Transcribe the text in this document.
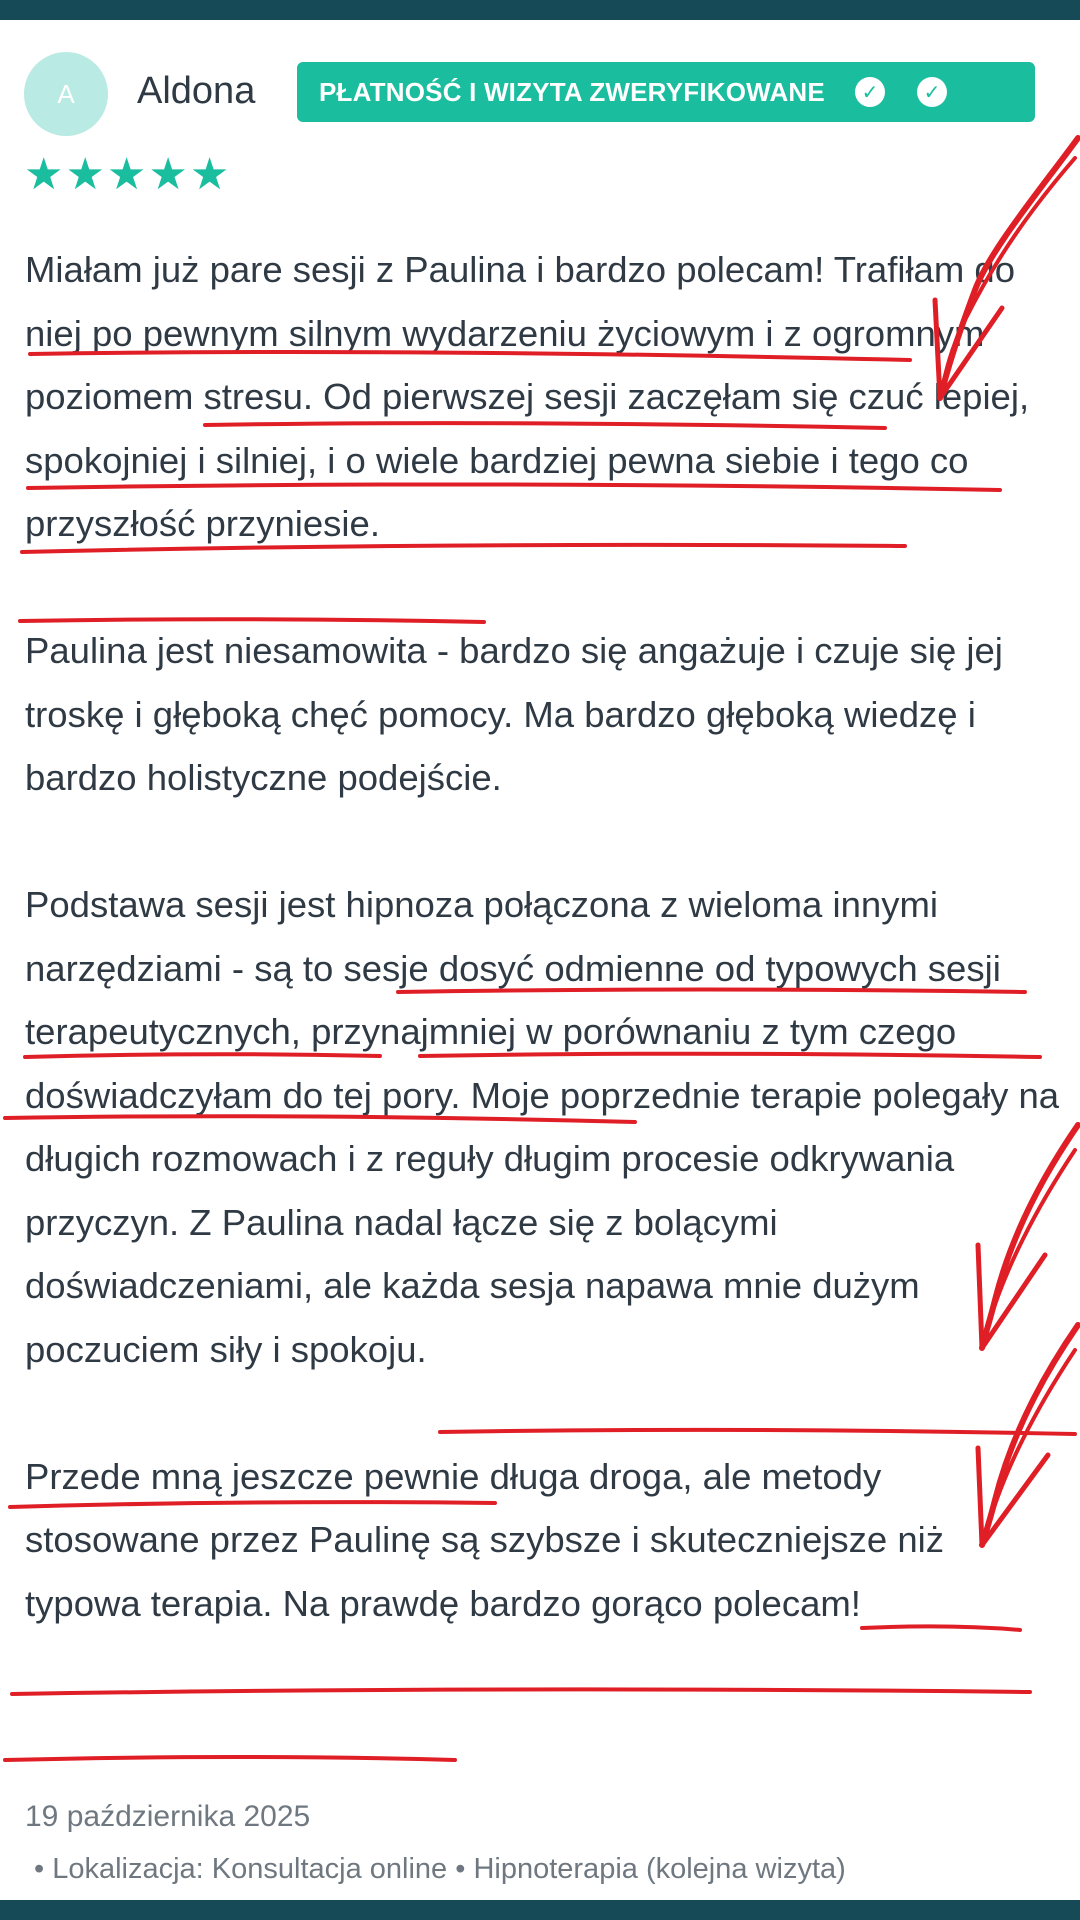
A	Aldona PŁATNOŚĆ I WIZYTA ZWERYFIKOWANE	✓	✓
★ ★ ★ ★ ★

Miałam już pare sesji z Paulina i bardzo polecam! Trafiłam do niej po pewnym silnym wydarzeniu życiowym i z ogromnym poziomem stresu. Od pierwszej sesji zaczęłam się czuć lepiej, spokojniej i silniej, i o wiele bardziej pewna siebie i tego co przyszłość przyniesie.

Paulina jest niesamowita - bardzo się angażuje i czuje się jej troskę i głęboką chęć pomocy. Ma bardzo głęboką wiedzę i bardzo holistyczne podejście.

Podstawa sesji jest hipnoza połączona z wieloma innymi narzędziami - są to sesje dosyć odmienne od typowych sesji terapeutycznych, przynajmniej w porównaniu z tym czego doświadczyłam do tej pory. Moje poprzednie terapie polegały na długich rozmowach i z reguły długim procesie odkrywania przyczyn. Z Paulina nadal łącze się z bolącymi doświadczeniami, ale każda sesja napawa mnie dużym poczuciem siły i spokoju.

Przede mną jeszcze pewnie długa droga, ale metody stosowane przez Paulinę są szybsze i skuteczniejsze niż typowa terapia. Na prawdę bardzo gorąco polecam!

19 października 2025
• Lokalizacja: Konsultacja online • Hipnoterapia (kolejna wizyta)
